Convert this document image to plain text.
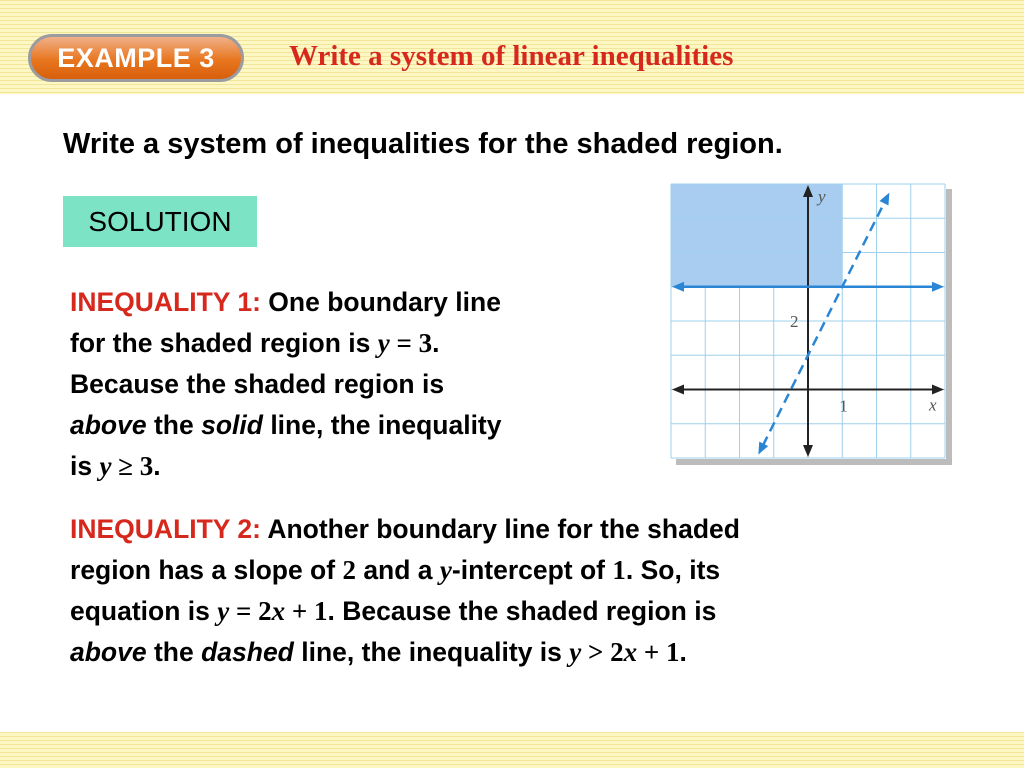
EXAMPLE 3	Write a system of linear inequalities
Write a system of inequalities for the shaded region.
SOLUTION
INEQUALITY 1: One boundary line
for the shaded region is y = 3.
Because the shaded region is
above the solid line, the inequality
is y ≥ 3.
INEQUALITY 2: Another boundary line for the shaded
region has a slope of 2 and a y-intercept of 1. So, its
equation is y = 2x + 1. Because the shaded region is
above the dashed line, the inequality is y > 2x + 1.
x
y
1
2
